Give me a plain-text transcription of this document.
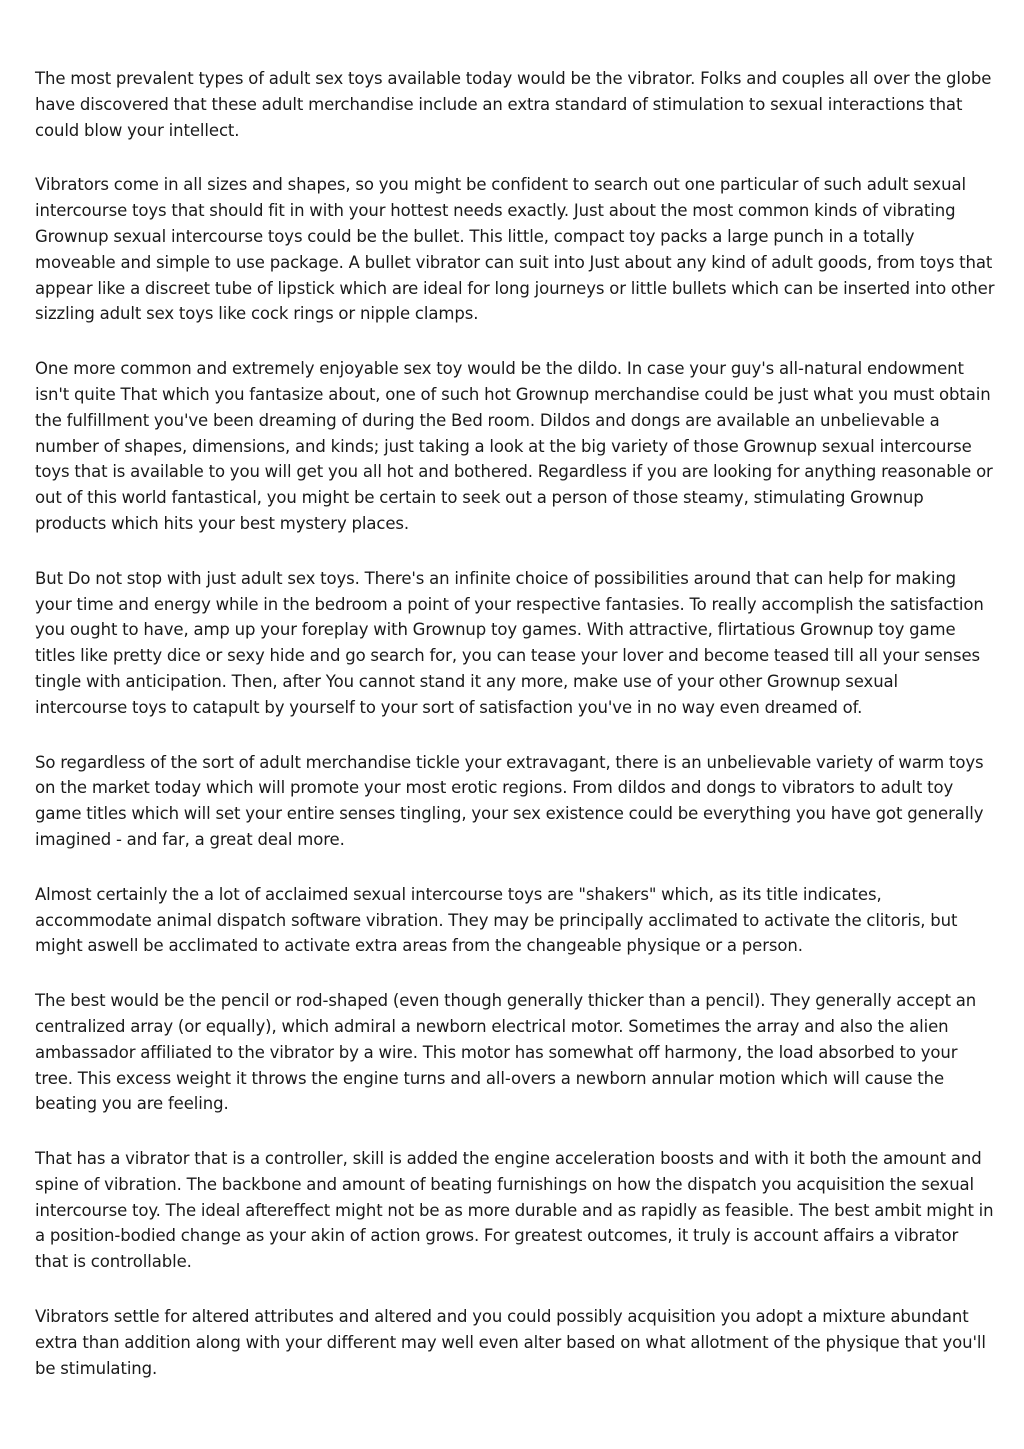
The most prevalent types of adult sex toys available today would be the vibrator. Folks and couples all over the globe have discovered that these adult merchandise include an extra standard of stimulation to sexual interactions that could blow your intellect.

Vibrators come in all sizes and shapes, so you might be confident to search out one particular of such adult sexual intercourse toys that should fit in with your hottest needs exactly. Just about the most common kinds of vibrating Grownup sexual intercourse toys could be the bullet. This little, compact toy packs a large punch in a totally moveable and simple to use package. A bullet vibrator can suit into Just about any kind of adult goods, from toys that appear like a discreet tube of lipstick which are ideal for long journeys or little bullets which can be inserted into other sizzling adult sex toys like cock rings or nipple clamps.

One more common and extremely enjoyable sex toy would be the dildo. In case your guy's all-natural endowment isn't quite That which you fantasize about, one of such hot Grownup merchandise could be just what you must obtain the fulfillment you've been dreaming of during the Bed room. Dildos and dongs are available an unbelievable a number of shapes, dimensions, and kinds; just taking a look at the big variety of those Grownup sexual intercourse toys that is available to you will get you all hot and bothered. Regardless if you are looking for anything reasonable or out of this world fantastical, you might be certain to seek out a person of those steamy, stimulating Grownup products which hits your best mystery places.

But Do not stop with just adult sex toys. There's an infinite choice of possibilities around that can help for making your time and energy while in the bedroom a point of your respective fantasies. To really accomplish the satisfaction you ought to have, amp up your foreplay with Grownup toy games. With attractive, flirtatious Grownup toy game titles like pretty dice or sexy hide and go search for, you can tease your lover and become teased till all your senses tingle with anticipation. Then, after You cannot stand it any more, make use of your other Grownup sexual intercourse toys to catapult by yourself to your sort of satisfaction you've in no way even dreamed of.

So regardless of the sort of adult merchandise tickle your extravagant, there is an unbelievable variety of warm toys on the market today which will promote your most erotic regions. From dildos and dongs to vibrators to adult toy game titles which will set your entire senses tingling, your sex existence could be everything you have got generally imagined - and far, a great deal more.

Almost certainly the a lot of acclaimed sexual intercourse toys are "shakers" which, as its title indicates, accommodate animal dispatch software vibration. They may be principally acclimated to activate the clitoris, but might aswell be acclimated to activate extra areas from the changeable physique or a person.

The best would be the pencil or rod-shaped (even though generally thicker than a pencil). They generally accept an centralized array (or equally), which admiral a newborn electrical motor. Sometimes the array and also the alien ambassador affiliated to the vibrator by a wire. This motor has somewhat off harmony, the load absorbed to your tree. This excess weight it throws the engine turns and all-overs a newborn annular motion which will cause the beating you are feeling.

That has a vibrator that is a controller, skill is added the engine acceleration boosts and with it both the amount and spine of vibration. The backbone and amount of beating furnishings on how the dispatch you acquisition the sexual intercourse toy. The ideal aftereffect might not be as more durable and as rapidly as feasible. The best ambit might in a position-bodied change as your akin of action grows. For greatest outcomes, it truly is account affairs a vibrator that is controllable.

Vibrators settle for altered attributes and altered and you could possibly acquisition you adopt a mixture abundant extra than addition along with your different may well even alter based on what allotment of the physique that you'll be stimulating.
